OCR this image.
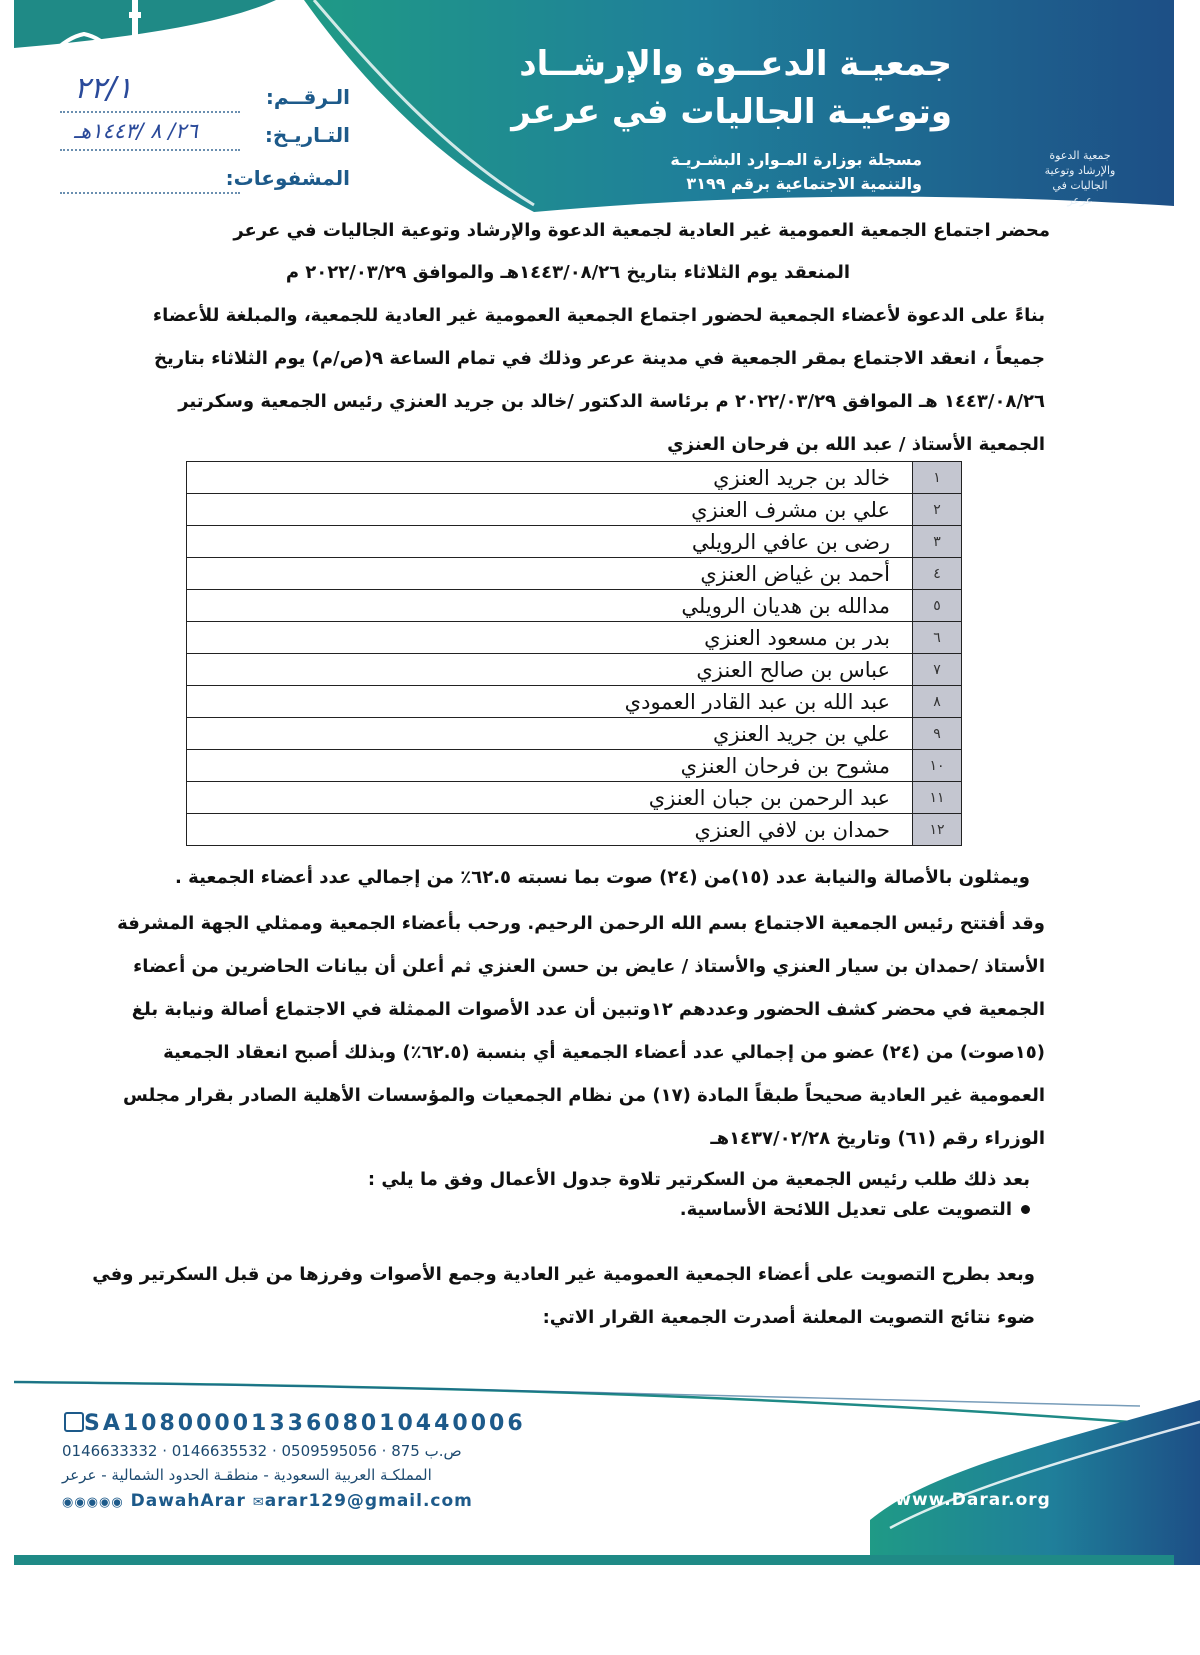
جمعيـة الدعــوة والإرشــاد
وتوعيـة الجاليات في عرعر
مسجلة بوزارة المـوارد البشـريـة
والتنمية الاجتماعية برقم ٣١٩٩
جمعية الدعوة والإرشاد وتوعية الجاليات في عرعر
الـرقــم:
٢٢/١
التـاريـخ:
٢٦/ ٨ /١٤٤٣هـ
المشفوعات:
محضر اجتماع الجمعية العمومية غير العادية لجمعية الدعوة والإرشاد وتوعية الجاليات في عرعر
المنعقد يوم الثلاثاء بتاريخ ١٤٤٣/٠٨/٢٦هـ والموافق ٢٠٢٢/٠٣/٢٩ م
بناءً على الدعوة لأعضاء الجمعية لحضور اجتماع الجمعية العمومية غير العادية للجمعية، والمبلغة للأعضاء
جميعاً ، انعقد الاجتماع بمقر الجمعية في مدينة عرعر وذلك في تمام الساعة ٩(ص/م) يوم الثلاثاء بتاريخ
١٤٤٣/٠٨/٢٦ هـ الموافق ٢٠٢٢/٠٣/٢٩ م برئاسة الدكتور /خالد بن جريد العنزي رئيس الجمعية وسكرتير
الجمعية الأستاذ / عبد الله بن فرحان العنزي
١	خالد بن جريد العنزي
٢	علي بن مشرف العنزي
٣	رضى بن عافي الرويلي
٤	أحمد بن غياض العنزي
٥	مدالله بن هديان الرويلي
٦	بدر بن مسعود العنزي
٧	عباس بن صالح العنزي
٨	عبد الله بن عبد القادر العمودي
٩	علي بن جريد العنزي
١٠	مشوح بن فرحان العنزي
١١	عبد الرحمن بن جبان العنزي
١٢	حمدان بن لافي العنزي
ويمثلون بالأصالة والنيابة عدد (١٥)من (٢٤) صوت بما نسبته ٦٢.٥٪ من إجمالي عدد أعضاء الجمعية .
وقد أفتتح رئيس الجمعية الاجتماع بسم الله الرحمن الرحيم. ورحب بأعضاء الجمعية وممثلي الجهة المشرفة
الأستاذ /حمدان بن سيار العنزي والأستاذ / عايض بن حسن العنزي ثم أعلن أن بيانات الحاضرين من أعضاء
الجمعية في محضر كشف الحضور وعددهم ١٢وتبين أن عدد الأصوات الممثلة في الاجتماع أصالة ونيابة بلغ
(١٥صوت) من (٢٤) عضو من إجمالي عدد أعضاء الجمعية أي بنسبة (٦٢.٥٪) وبذلك أصبح انعقاد الجمعية
العمومية غير العادية صحيحاً طبقاً المادة (١٧) من نظام الجمعيات والمؤسسات الأهلية الصادر بقرار مجلس
الوزراء رقم (٦١) وتاريخ ١٤٣٧/٠٢/٢٨هـ
بعد ذلك طلب رئيس الجمعية من السكرتير تلاوة جدول الأعمال وفق ما يلي :
التصويت على تعديل اللائحة الأساسية.
وبعد بطرح التصويت على أعضاء الجمعية العمومية غير العادية وجمع الأصوات وفرزها من قبل السكرتير وفي
ضوء نتائج التصويت المعلنة أصدرت الجمعية القرار الاتي:
SA1080000133608010440006
0146633332 · 0146635532 · 0509595056 · ص.ب 875
المملكـة العربية السعودية - منطقـة الحدود الشمالية - عرعر
◉◉◉◉◉ DawahArar ✉arar129@gmail.com	⊕www.Darar.org
